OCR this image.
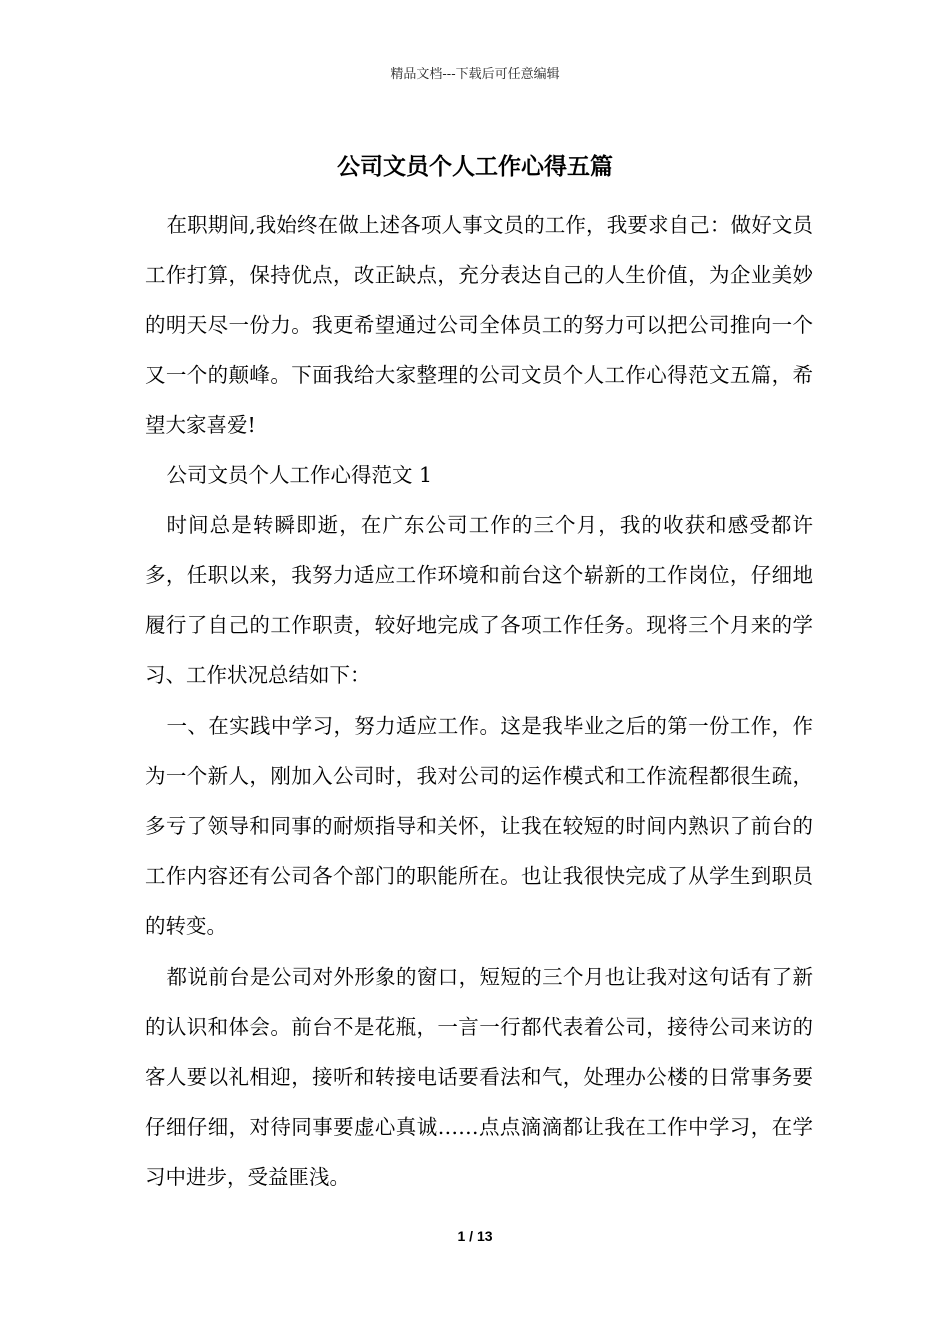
精品文档---下载后可任意编辑
公司文员个人工作心得五篇

在职期间,我始终在做上述各项人事文员的工作，我要求自己：做好文员工作打算，保持优点，改正缺点，充分表达自己的人生价值，为企业美妙的明天尽一份力。我更希望通过公司全体员工的努力可以把公司推向一个又一个的颠峰。下面我给大家整理的公司文员个人工作心得范文五篇，希望大家喜爱!

公司文员个人工作心得范文 1

时间总是转瞬即逝，在广东公司工作的三个月，我的收获和感受都许多，任职以来，我努力适应工作环境和前台这个崭新的工作岗位，仔细地履行了自己的工作职责，较好地完成了各项工作任务。现将三个月来的学习、工作状况总结如下：

一、在实践中学习，努力适应工作。这是我毕业之后的第一份工作，作为一个新人，刚加入公司时，我对公司的运作模式和工作流程都很生疏，多亏了领导和同事的耐烦指导和关怀，让我在较短的时间内熟识了前台的工作内容还有公司各个部门的职能所在。也让我很快完成了从学生到职员的转变。

都说前台是公司对外形象的窗口，短短的三个月也让我对这句话有了新的认识和体会。前台不是花瓶，一言一行都代表着公司，接待公司来访的客人要以礼相迎，接听和转接电话要看法和气，处理办公楼的日常事务要仔细仔细，对待同事要虚心真诚……点点滴滴都让我在工作中学习，在学习中进步，受益匪浅。

1 / 13
